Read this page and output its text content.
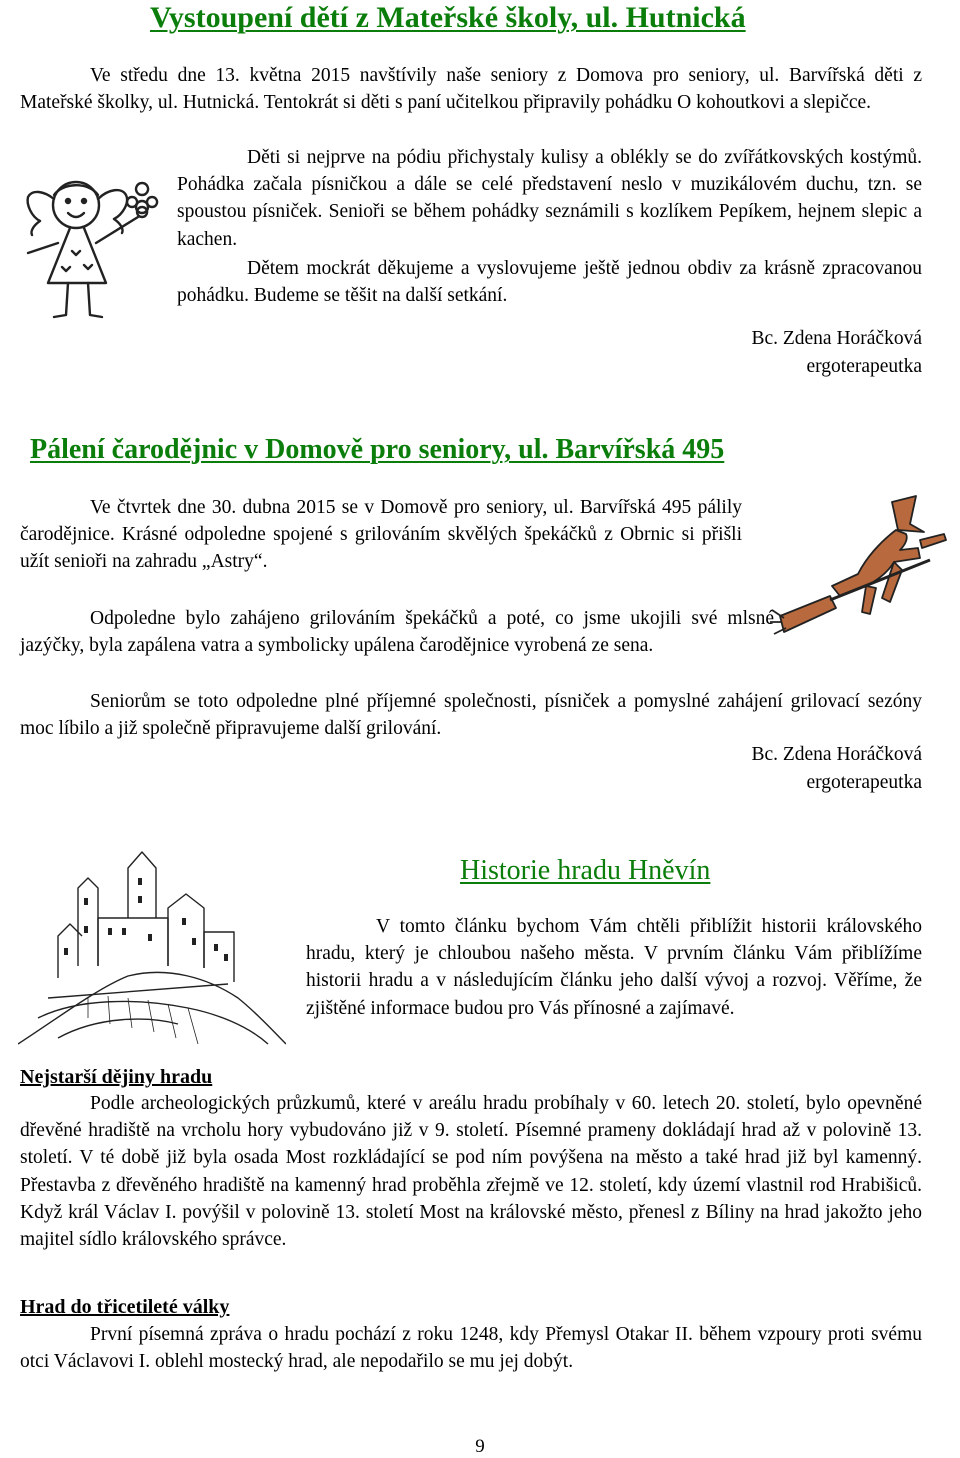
Vystoupení dětí z Mateřské školy, ul. Hutnická

Ve středu dne 13. května 2015 navštívily naše seniory z Domova pro seniory, ul. Barvířská děti z Mateřské školky, ul. Hutnická. Tentokrát si děti s paní učitelkou připravily pohádku O kohoutkovi a slepičce.

Děti si nejprve na pódiu přichystaly kulisy a oblékly se do zvířátkovských kostýmů. Pohádka začala písničkou a dále se celé představení neslo v muzikálovém duchu, tzn. se spoustou písniček. Senioři se během pohádky seznámili s kozlíkem Pepíkem, hejnem slepic a kachen.

Dětem mockrát děkujeme a vyslovujeme ještě jednou obdiv za krásně zpracovanou pohádku. Budeme se těšit na další setkání.

Bc. Zdena Horáčková
ergoterapeutka
Pálení čarodějnic v Domově pro seniory, ul. Barvířská 495

Ve čtvrtek dne 30. dubna 2015 se v Domově pro seniory, ul. Barvířská 495 pálily čarodějnice. Krásné odpoledne spojené s grilováním skvělých špekáčků z Obrnic si přišli užít senioři na zahradu „Astry“.

Odpoledne bylo zahájeno grilováním špekáčků a poté, co jsme ukojili své mlsné jazýčky, byla zapálena vatra a symbolicky upálena čarodějnice vyrobená ze sena.

Seniorům se toto odpoledne plné příjemné společnosti, písniček a pomyslné zahájení grilovací sezóny moc líbilo a již společně připravujeme další grilování.

Bc. Zdena Horáčková
ergoterapeutka
Historie hradu Hněvín

V tomto článku bychom Vám chtěli přiblížit historii královského hradu, který je chloubou našeho města. V prvním článku Vám přiblížíme historii hradu a v následujícím článku jeho další vývoj a rozvoj. Věříme, že zjištěné informace budou pro Vás přínosné a zajímavé.

Nejstarší dějiny hradu

Podle archeologických průzkumů, které v areálu hradu probíhaly v 60. letech 20. století, bylo opevněné dřevěné hradiště na vrcholu hory vybudováno již v 9. století. Písemné prameny dokládají hrad až v polovině 13. století. V té době již byla osada Most rozkládající se pod ním povýšena na město a také hrad již byl kamenný. Přestavba z dřevěného hradiště na kamenný hrad proběhla zřejmě ve 12. století, kdy území vlastnil rod Hrabišiců. Když král Václav I. povýšil v polovině 13. století Most na královské město, přenesl z Bíliny na hrad jakožto jeho majitel sídlo královského správce.

Hrad do třicetileté války

První písemná zpráva o hradu pochází z roku 1248, kdy Přemysl Otakar II. během vzpoury proti svému otci Václavovi I. oblehl mostecký hrad, ale nepodařilo se mu jej dobýt.

9
